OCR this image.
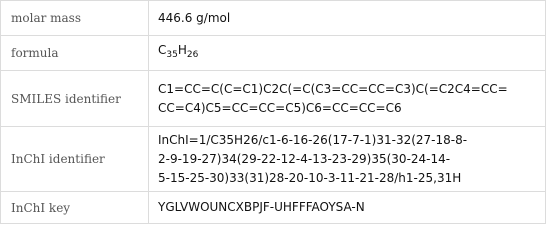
molar mass	446.6 g/mol
formula	$C_{35}H_{26}$
SMILES identifier	C1=CC=C(C=C1)C2C(=C(C3=CC=CC=C3)C(=C2C4=CC=
CC=C4)C5=CC=CC=C5)C6=CC=CC=C6

InChI identifier	InChI=1/C35H26/c1-6-16-26(17-7-1)31-32(27-18-8-
2-9-19-27)34(29-22-12-4-13-23-29)35(30-24-14-
5-15-25-30)33(31)28-20-10-3-11-21-28/h1-25,31H

InChI key	YGLVWOUNCXBPJF-UHFFFAOYSA-N
